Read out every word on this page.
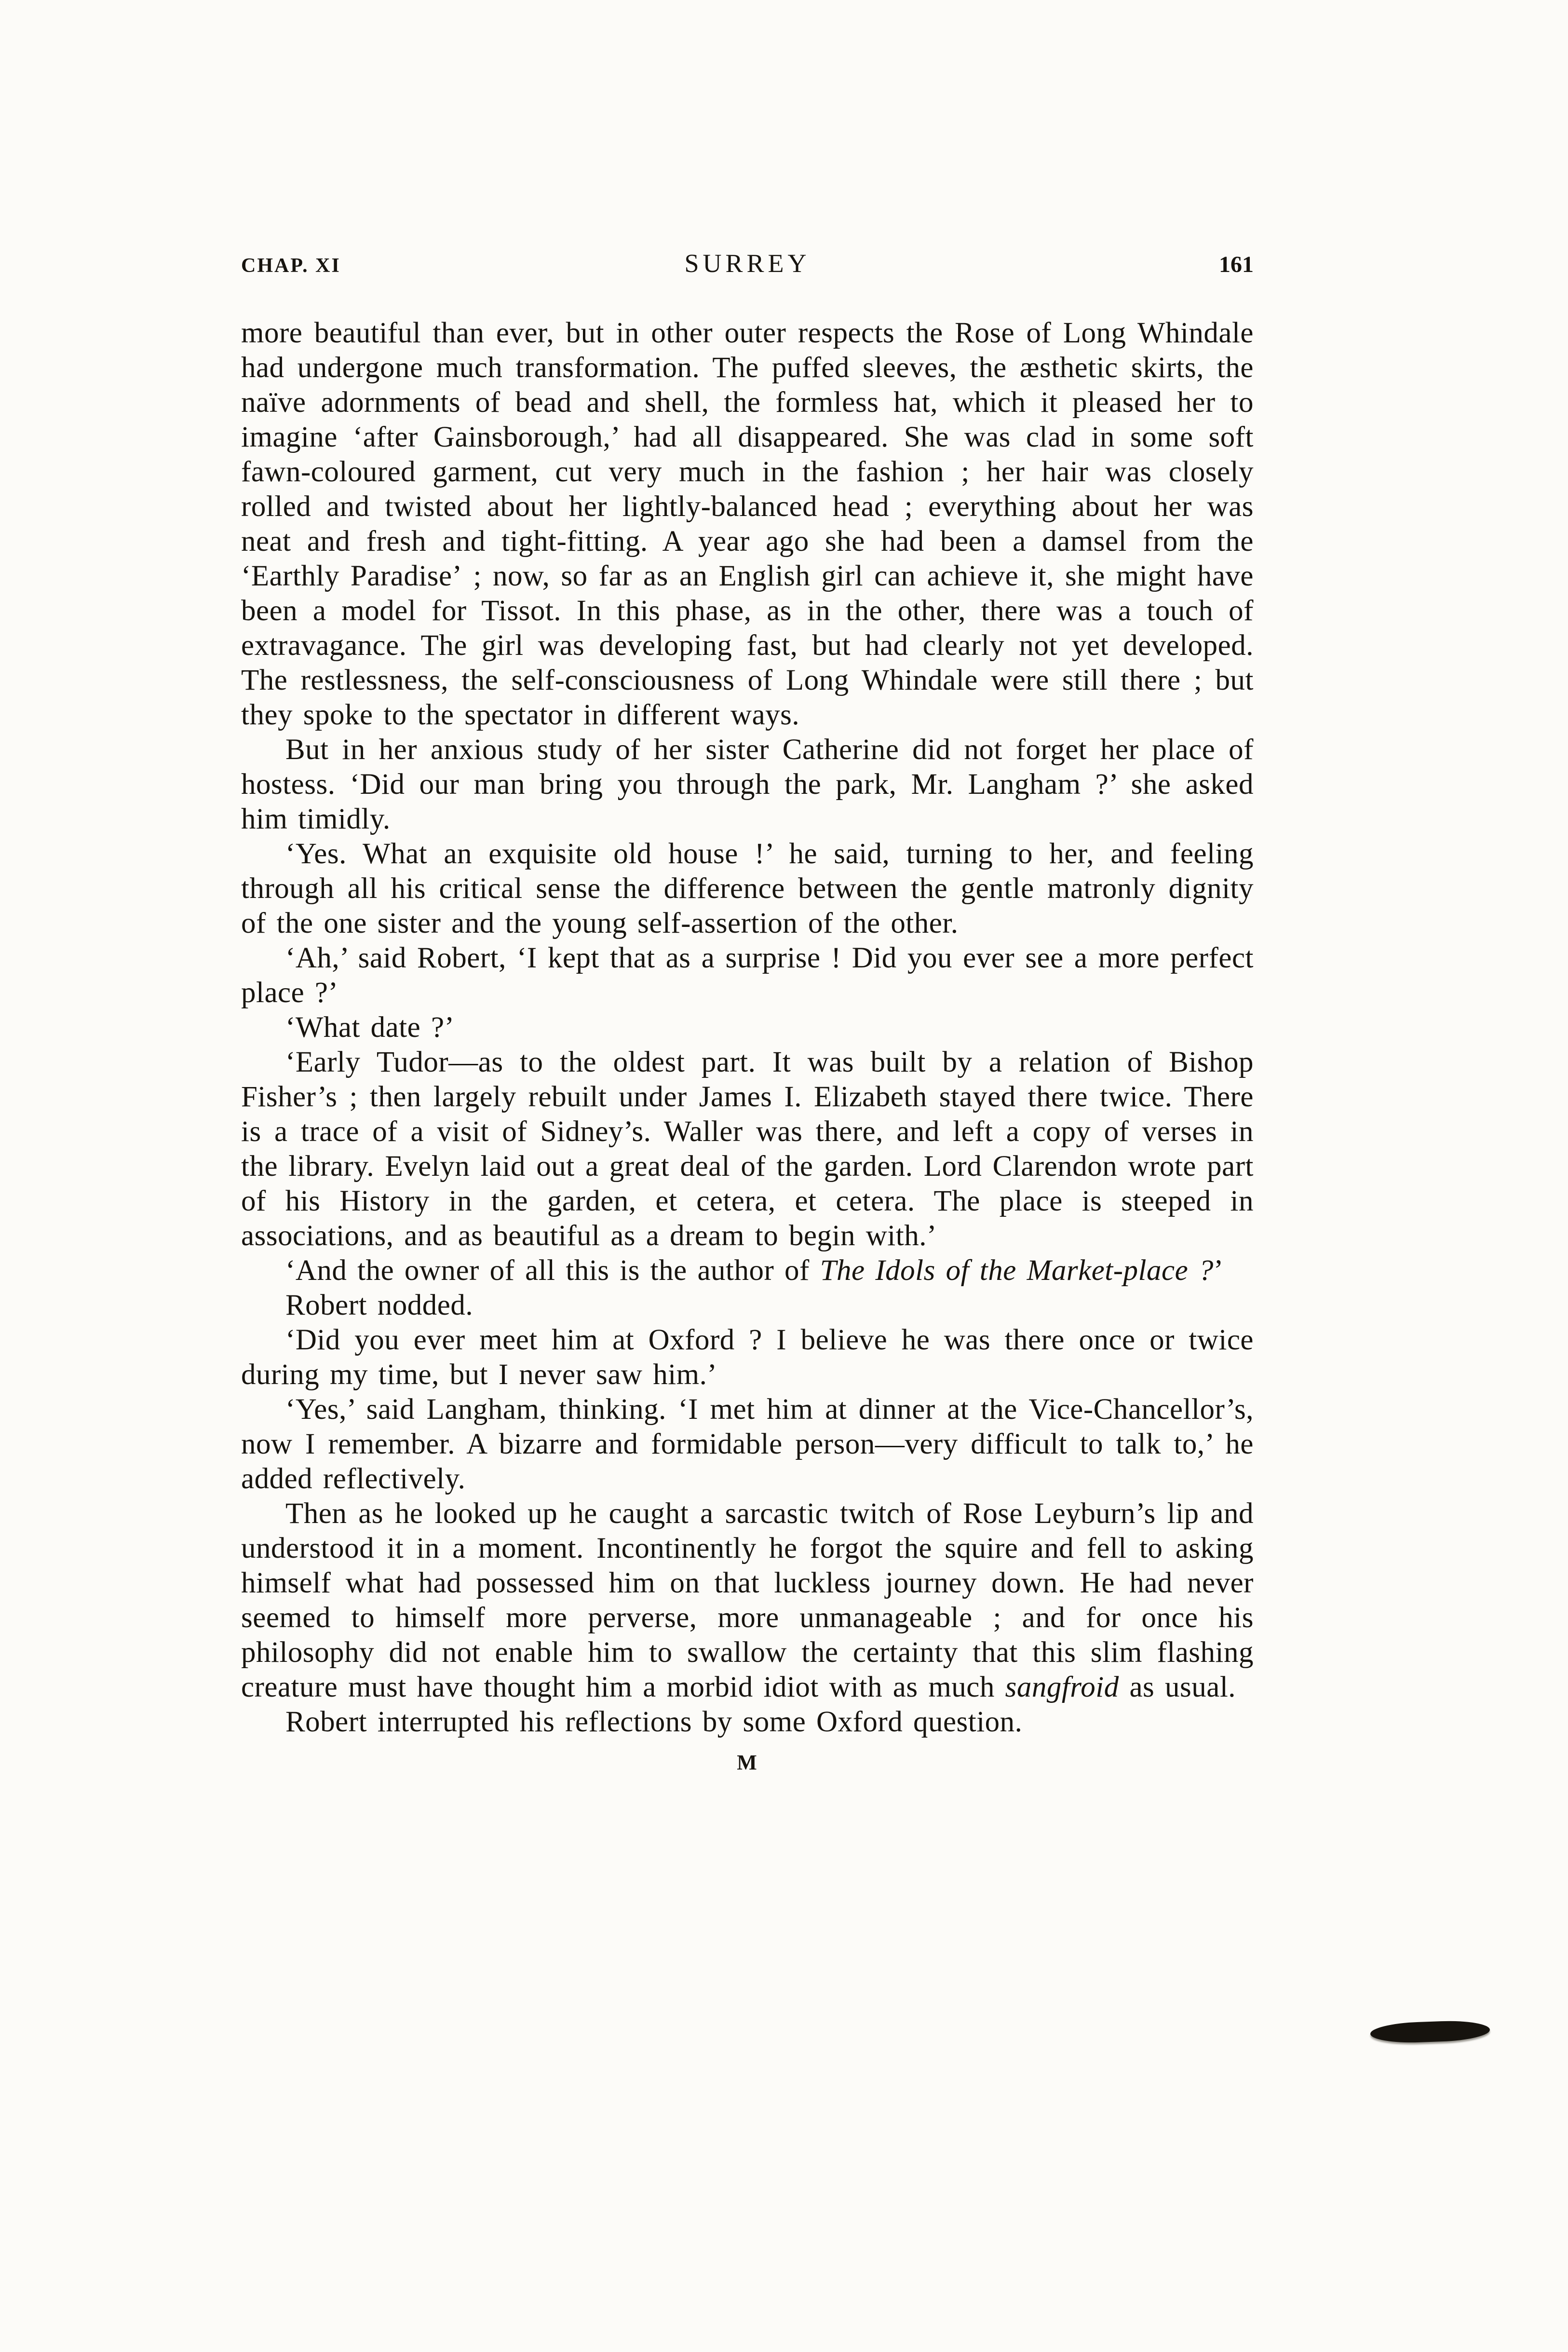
CHAP. XI	SURREY	161

more beautiful than ever, but in other outer respects the Rose of Long Whindale had undergone much transformation. The puffed sleeves, the æsthetic skirts, the naïve adornments of bead and shell, the formless hat, which it pleased her to imagine ‘after Gainsborough,’ had all disappeared. She was clad in some soft fawn-coloured garment, cut very much in the fashion ; her hair was closely rolled and twisted about her lightly-balanced head ; everything about her was neat and fresh and tight-fitting. A year ago she had been a damsel from the ‘Earthly Paradise’ ; now, so far as an English girl can achieve it, she might have been a model for Tissot. In this phase, as in the other, there was a touch of extravagance. The girl was developing fast, but had clearly not yet developed. The restlessness, the self-consciousness of Long Whindale were still there ; but they spoke to the spectator in different ways.

But in her anxious study of her sister Catherine did not forget her place of hostess. ‘Did our man bring you through the park, Mr. Langham ?’ she asked him timidly.

‘Yes. What an exquisite old house !’ he said, turning to her, and feeling through all his critical sense the difference between the gentle matronly dignity of the one sister and the young self-assertion of the other.

‘Ah,’ said Robert, ‘I kept that as a surprise ! Did you ever see a more perfect place ?’

‘What date ?’

‘Early Tudor—as to the oldest part. It was built by a relation of Bishop Fisher’s ; then largely rebuilt under James I. Elizabeth stayed there twice. There is a trace of a visit of Sidney’s. Waller was there, and left a copy of verses in the library. Evelyn laid out a great deal of the garden. Lord Clarendon wrote part of his History in the garden, et cetera, et cetera. The place is steeped in associations, and as beautiful as a dream to begin with.’

‘And the owner of all this is the author of The Idols of the Market-place ?’

Robert nodded.

‘Did you ever meet him at Oxford ? I believe he was there once or twice during my time, but I never saw him.’

‘Yes,’ said Langham, thinking. ‘I met him at dinner at the Vice-Chancellor’s, now I remember. A bizarre and formidable person—very difficult to talk to,’ he added reflectively.

Then as he looked up he caught a sarcastic twitch of Rose Leyburn’s lip and understood it in a moment. Incontinently he forgot the squire and fell to asking himself what had possessed him on that luckless journey down. He had never seemed to himself more perverse, more unmanageable ; and for once his philosophy did not enable him to swallow the certainty that this slim flashing creature must have thought him a morbid idiot with as much sangfroid as usual.

Robert interrupted his reflections by some Oxford question.

M
